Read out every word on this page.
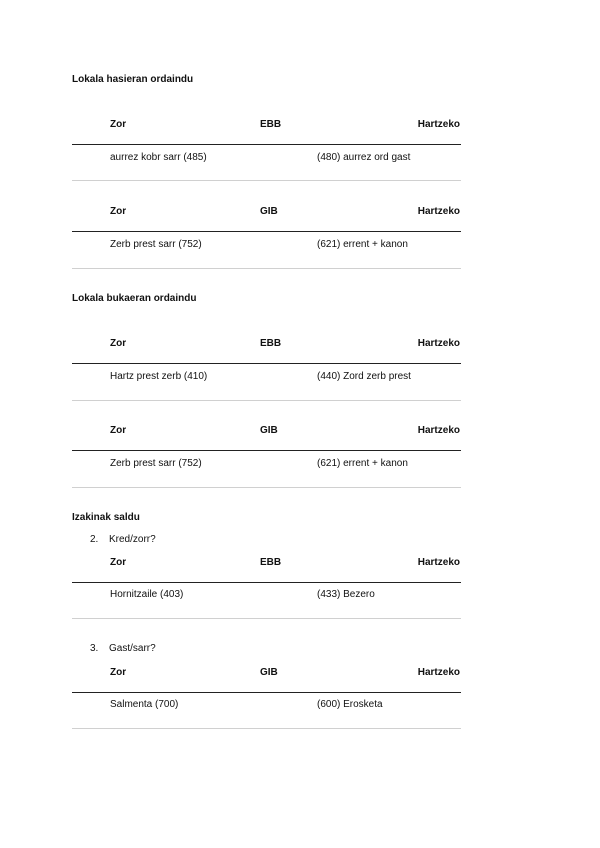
Lokala hasieran ordaindu
Zor	EBB	Hartzeko
aurrez kobr sarr (485)	(480) aurrez ord gast
Zor	GIB	Hartzeko
Zerb prest sarr (752)	(621) errent + kanon
Lokala bukaeran ordaindu
Zor	EBB	Hartzeko
Hartz prest zerb (410)	(440) Zord zerb prest
Zor	GIB	Hartzeko
Zerb prest sarr (752)	(621) errent + kanon
Izakinak saldu
2. Kred/zorr?
Zor	EBB	Hartzeko
Hornitzaile (403)	(433) Bezero
3. Gast/sarr?
Zor	GIB	Hartzeko
Salmenta (700)	(600) Erosketa
